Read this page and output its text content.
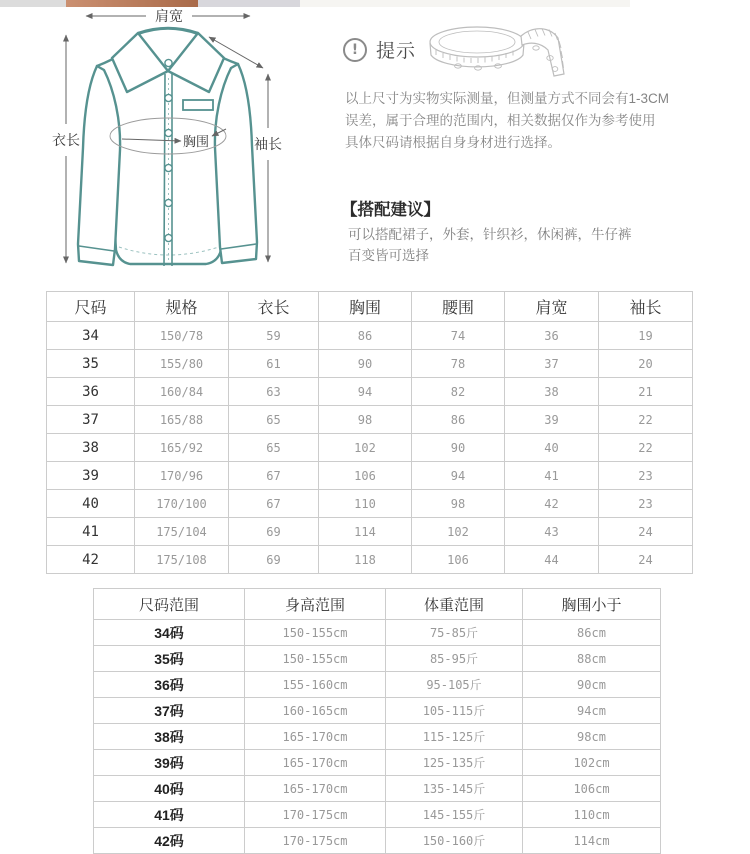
胸围
肩宽
衣长	袖长
! 提示
以上尺寸为实物实际测量，但测量方式不同会有1-3CM
误差，属于合理的范围内，相关数据仅作为参考使用
具体尺码请根据自身身材进行选择。
【搭配建议】
可以搭配裙子，外套，针织衫，休闲裤，牛仔裤
百变皆可选择
尺码	规格	衣长	胸围	腰围	肩宽	袖长
34	150/78	59	86	74	36	19
35	155/80	61	90	78	37	20
36	160/84	63	94	82	38	21
37	165/88	65	98	86	39	22
38	165/92	65	102	90	40	22
39	170/96	67	106	94	41	23
40	170/100	67	110	98	42	23
41	175/104	69	114	102	43	24
42	175/108	69	118	106	44	24
尺码范围	身高范围	体重范围	胸围小于
34码	150-155cm	75-85斤	86cm
35码	150-155cm	85-95斤	88cm
36码	155-160cm	95-105斤	90cm
37码	160-165cm	105-115斤	94cm
38码	165-170cm	115-125斤	98cm
39码	165-170cm	125-135斤	102cm
40码	165-170cm	135-145斤	106cm
41码	170-175cm	145-155斤	110cm
42码	170-175cm	150-160斤	114cm
